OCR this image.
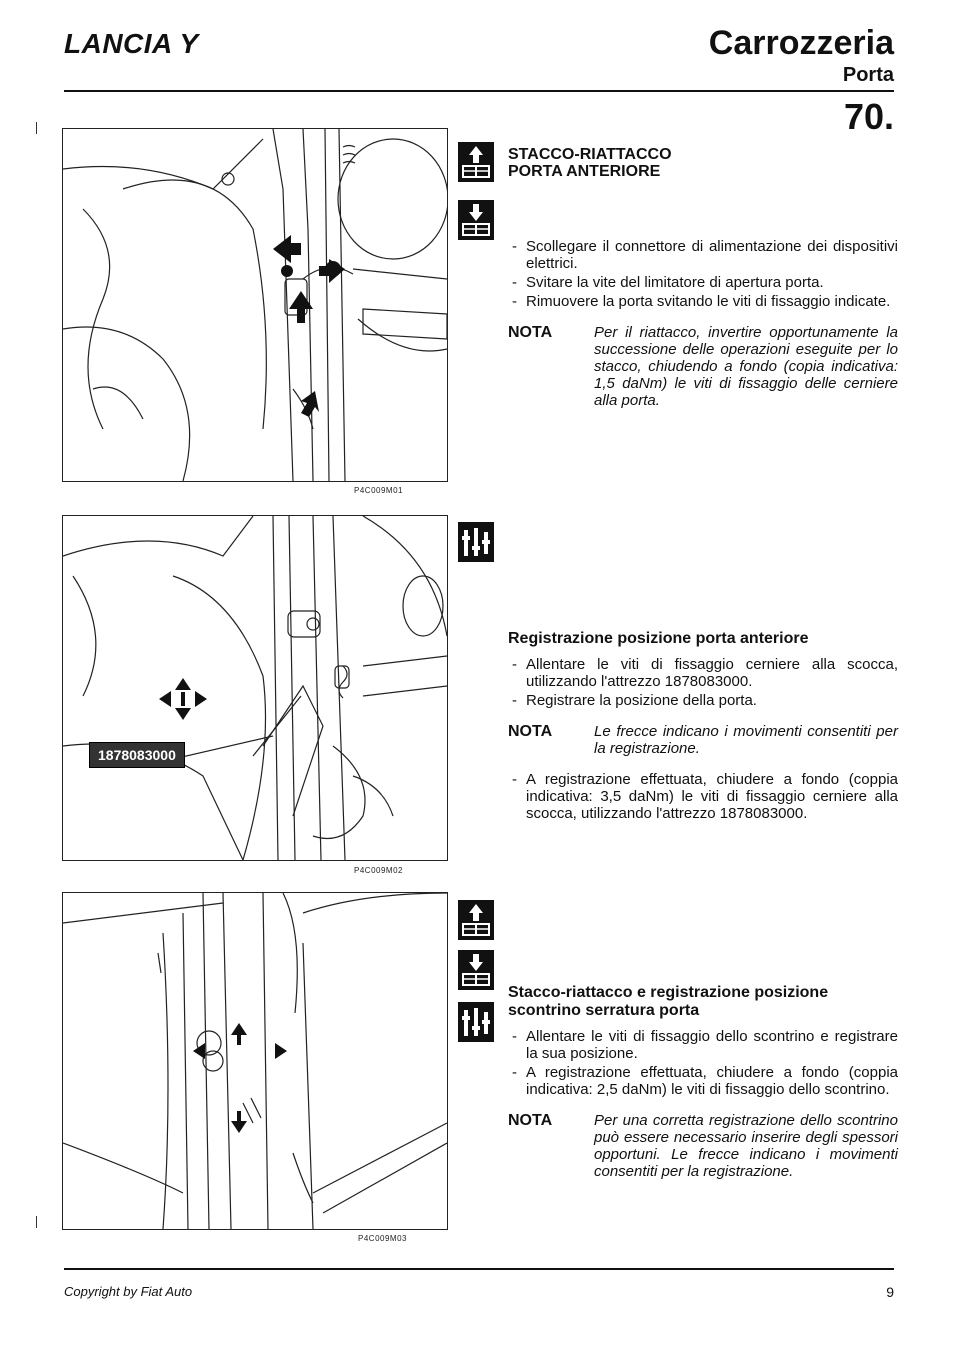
LANCIA Y	Carrozzeria
Porta
70.
P4C009M01
1878083000
P4C009M02
P4C009M03
STACCO-RIATTACCO
PORTA ANTERIORE
- Scollegare il connettore di alimentazione dei dispositivi elettrici.
- Svitare la vite del limitatore di apertura porta.
- Rimuovere la porta svitando le viti di fissaggio indicate.
NOTA	Per il riattacco, invertire opportunamente la successione delle operazioni eseguite per lo stacco, chiudendo a fondo (copia indicativa: 1,5 daNm) le viti di fissaggio delle cerniere alla porta.
Registrazione posizione porta anteriore
- Allentare le viti di fissaggio cerniere alla scocca, utilizzando l'attrezzo 1878083000.
- Registrare la posizione della porta.
NOTA	Le frecce indicano i movimenti consentiti per la registrazione.
- A registrazione effettuata, chiudere a fondo (coppia indicativa: 3,5 daNm) le viti di fissaggio cerniere alla scocca, utilizzando l'attrezzo 1878083000.
Stacco-riattacco e registrazione posizione
scontrino serratura porta
- Allentare le viti di fissaggio dello scontrino e registrare la sua posizione.
- A registrazione effettuata, chiudere a fondo (coppia indicativa: 2,5 daNm) le viti di fissaggio dello scontrino.
NOTA	Per una corretta registrazione dello scontrino può essere necessario inserire degli spessori opportuni. Le frecce indicano i movimenti consentiti per la registrazione.
Copyright by Fiat Auto	9
